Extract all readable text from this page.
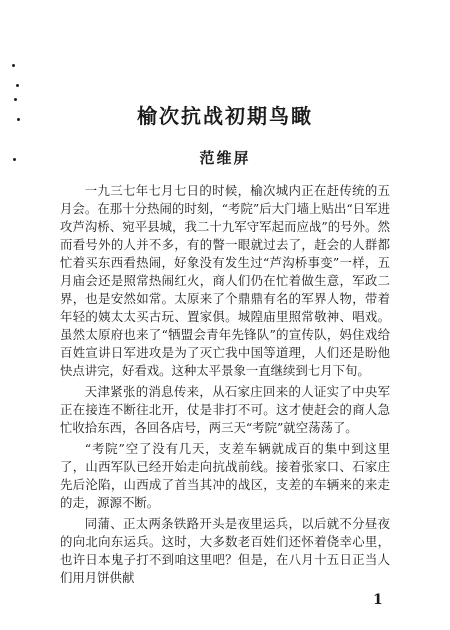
榆次抗战初期鸟瞰
范维屏

一九三七年七月七日的时候，榆次城内正在赶传统的五月会。在那十分热闹的时刻，“考院”后大门墙上贴出“日军进攻芦沟桥、宛平县城，我二十九军守军起而应战”的号外。然而看号外的人并不多，有的瞥一眼就过去了，赶会的人群都忙着买东西看热闹，好象没有发生过“芦沟桥事变”一样，五月庙会还是照常热闹红火，商人们仍在忙着做生意，军政二界，也是安然如常。太原来了个鼎鼎有名的军界人物，带着年轻的姨太太买古玩、置家俱。城隍庙里照常敬神、唱戏。虽然太原府也来了“牺盟会青年先锋队”的宣传队，妈住戏给百姓宣讲日军进攻是为了灭亡我中国等道理，人们还是盼他快点讲完，好看戏。这种太平景象一直继续到七月下旬。

天津紧张的消息传来，从石家庄回来的人证实了中央军正在接连不断往北开，仗是非打不可。这才使赶会的商人急忙收拾东西，各回各店号，两三天“考院”就空荡荡了。

“考院”空了没有几天，支差车辆就成百的集中到这里了，山西军队已经开始走向抗战前线。接着张家口、石家庄先后沦陷，山西成了首当其冲的战区，支差的车辆来的来走的走，源源不断。

同蒲、正太两条铁路开头是夜里运兵，以后就不分昼夜的向北向东运兵。这时，大多数老百姓们还怀着侥幸心里，也许日本鬼子打不到咱这里吧？但是，在八月十五日正当人们用月饼供献

1
